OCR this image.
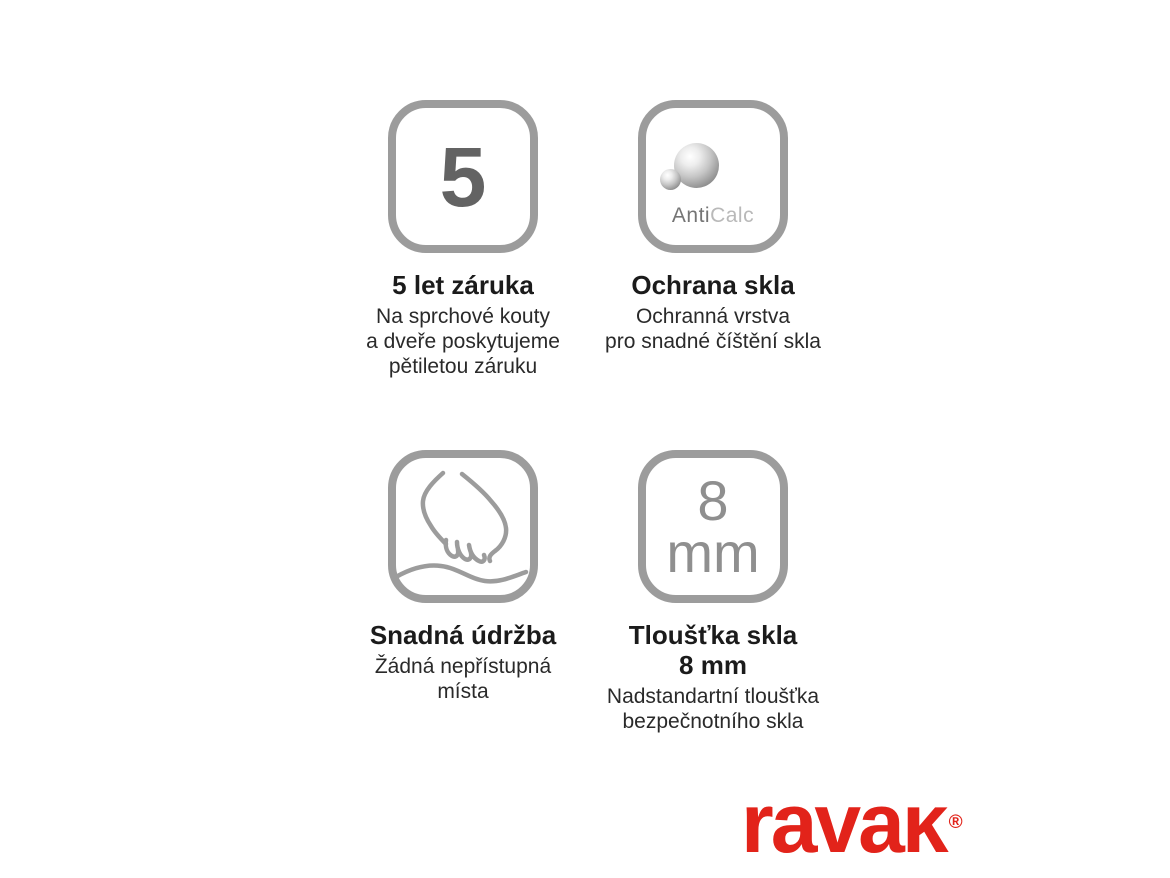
5
5 let záruka
Na sprchové kouty
a dveře poskytujeme
pětiletou záruku
AntiCalc
Ochrana skla
Ochranná vrstva
pro snadné číštění skla
Snadná údržba
Žádná nepřístupná
místa
8
mm
Tloušťka skla
8 mm
Nadstandartní tloušťka
bezpečnotního skla
ravaĸ ®
